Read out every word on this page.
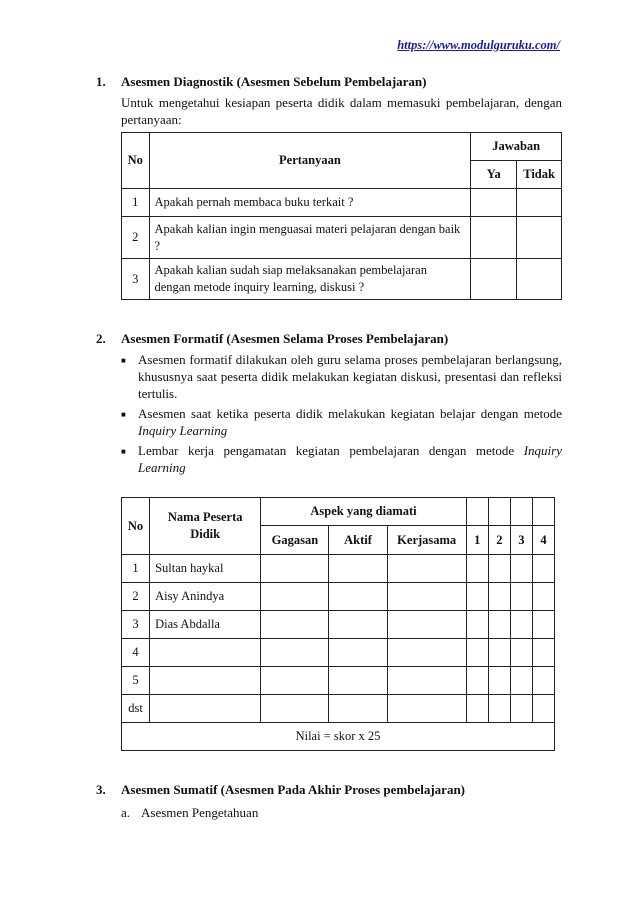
https://www.modulguruku.com/
1.	Asesmen Diagnostik (Asesmen Sebelum Pembelajaran)
Untuk mengetahui kesiapan peserta didik dalam memasuki pembelajaran, dengan pertanyaan:
No	Pertanyaan	Jawaban	
		Ya	Tidak
1	Apakah pernah membaca buku terkait ?		
2	Apakah kalian ingin menguasai materi pelajaran dengan baik ?		
3	Apakah kalian sudah siap melaksanakan pembelajaran dengan metode inquiry learning, diskusi ?		
2.	Asesmen Formatif (Asesmen Selama Proses Pembelajaran)
■ Asesmen formatif dilakukan oleh guru selama proses pembelajaran berlangsung, khususnya saat peserta didik melakukan kegiatan diskusi, presentasi dan refleksi tertulis.
■ Asesmen saat ketika peserta didik melakukan kegiatan belajar dengan metode Inquiry Learning
■ Lembar kerja pengamatan kegiatan pembelajaran dengan metode Inquiry Learning
No	Nama Peserta Didik	Aspek yang diamati						
		Gagasan	Aktif	Kerjasama	1	2	3	4
1	Sultan haykal							
2	Aisy Anindya							
3	Dias Abdalla							
4								
5								
dst								
Nilai = skor x 25								
3.	Asesmen Sumatif (Asesmen Pada Akhir Proses pembelajaran)
a. Asesmen Pengetahuan
